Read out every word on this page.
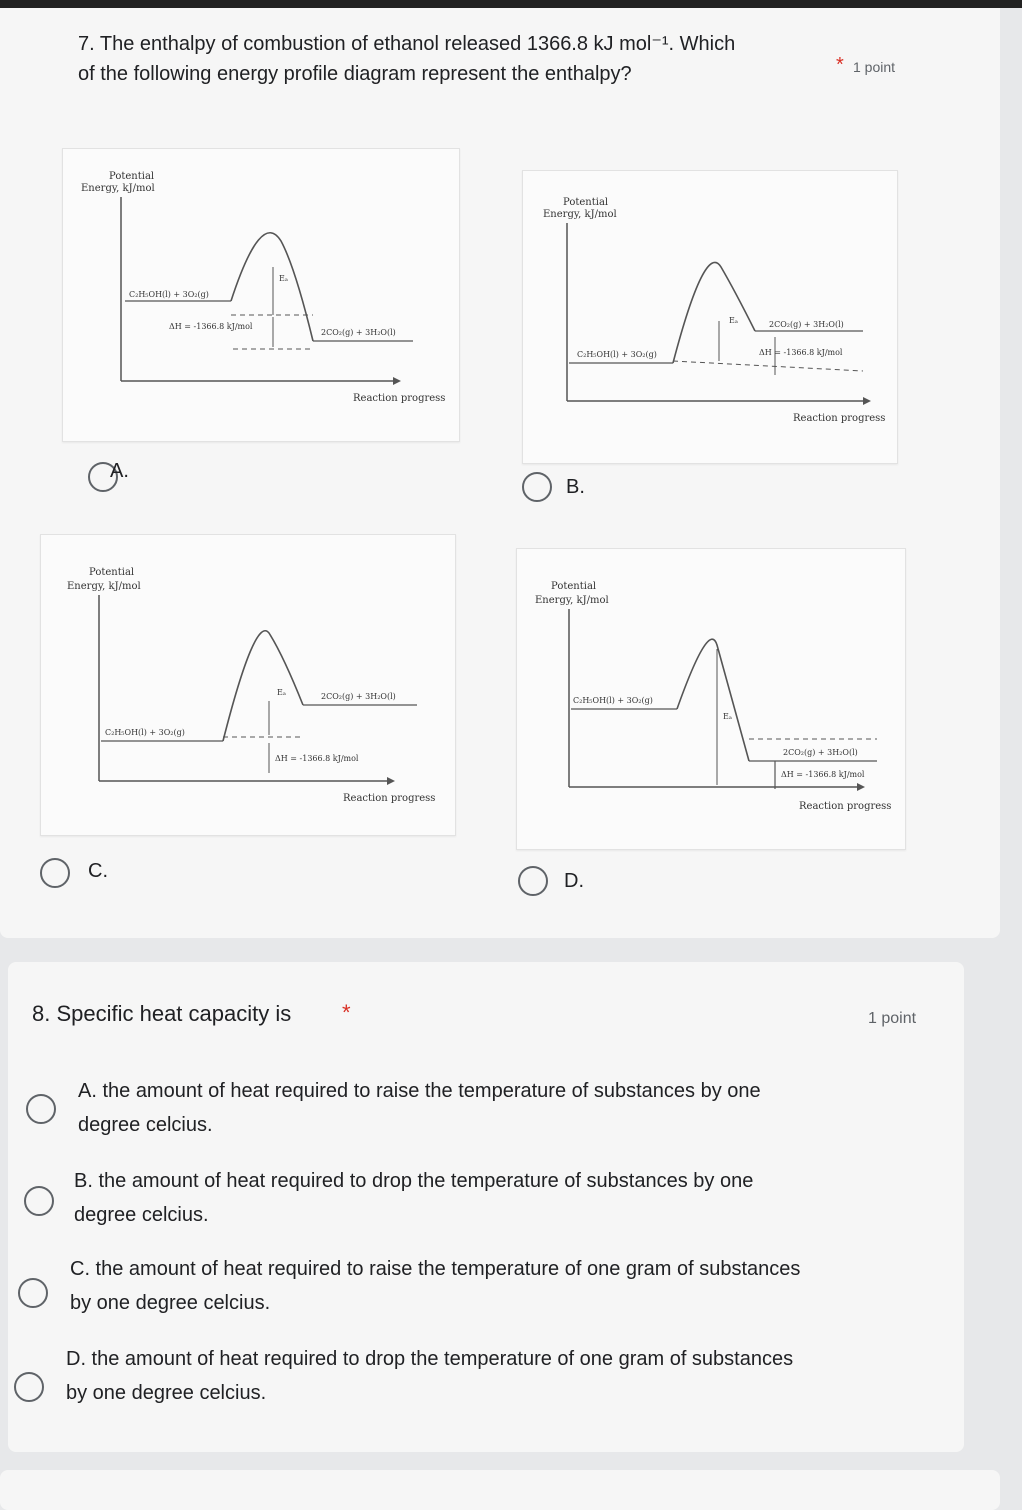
7. The enthalpy of combustion of ethanol released 1366.8 kJ mol⁻¹. Which
of the following energy profile diagram represent the enthalpy?	* 1 point
Potential
Energy, kJ/mol
Reaction progress
C₂H₅OH(l) + 3O₂(g)
Eₐ
ΔH = -1366.8 kJ/mol
2CO₂(g) + 3H₂O(l)
A.
Potential
Energy, kJ/mol
Reaction progress
C₂H₅OH(l) + 3O₂(g)
Eₐ	2CO₂(g) + 3H₂O(l)
ΔH = -1366.8 kJ/mol
B.
Potential
Energy, kJ/mol
Reaction progress
C₂H₅OH(l) + 3O₂(g)
Eₐ	2CO₂(g) + 3H₂O(l)
ΔH = -1366.8 kJ/mol
C.
Potential
Energy, kJ/mol
Reaction progress
C₂H₅OH(l) + 3O₂(g)
Eₐ
2CO₂(g) + 3H₂O(l)
ΔH = -1366.8 kJ/mol
D.
8. Specific heat capacity is *	1 point
A. the amount of heat required to raise the temperature of substances by one
degree celcius.
B. the amount of heat required to drop the temperature of substances by one
degree celcius.
C. the amount of heat required to raise the temperature of one gram of substances
by one degree celcius.
D. the amount of heat required to drop the temperature of one gram of substances
by one degree celcius.
